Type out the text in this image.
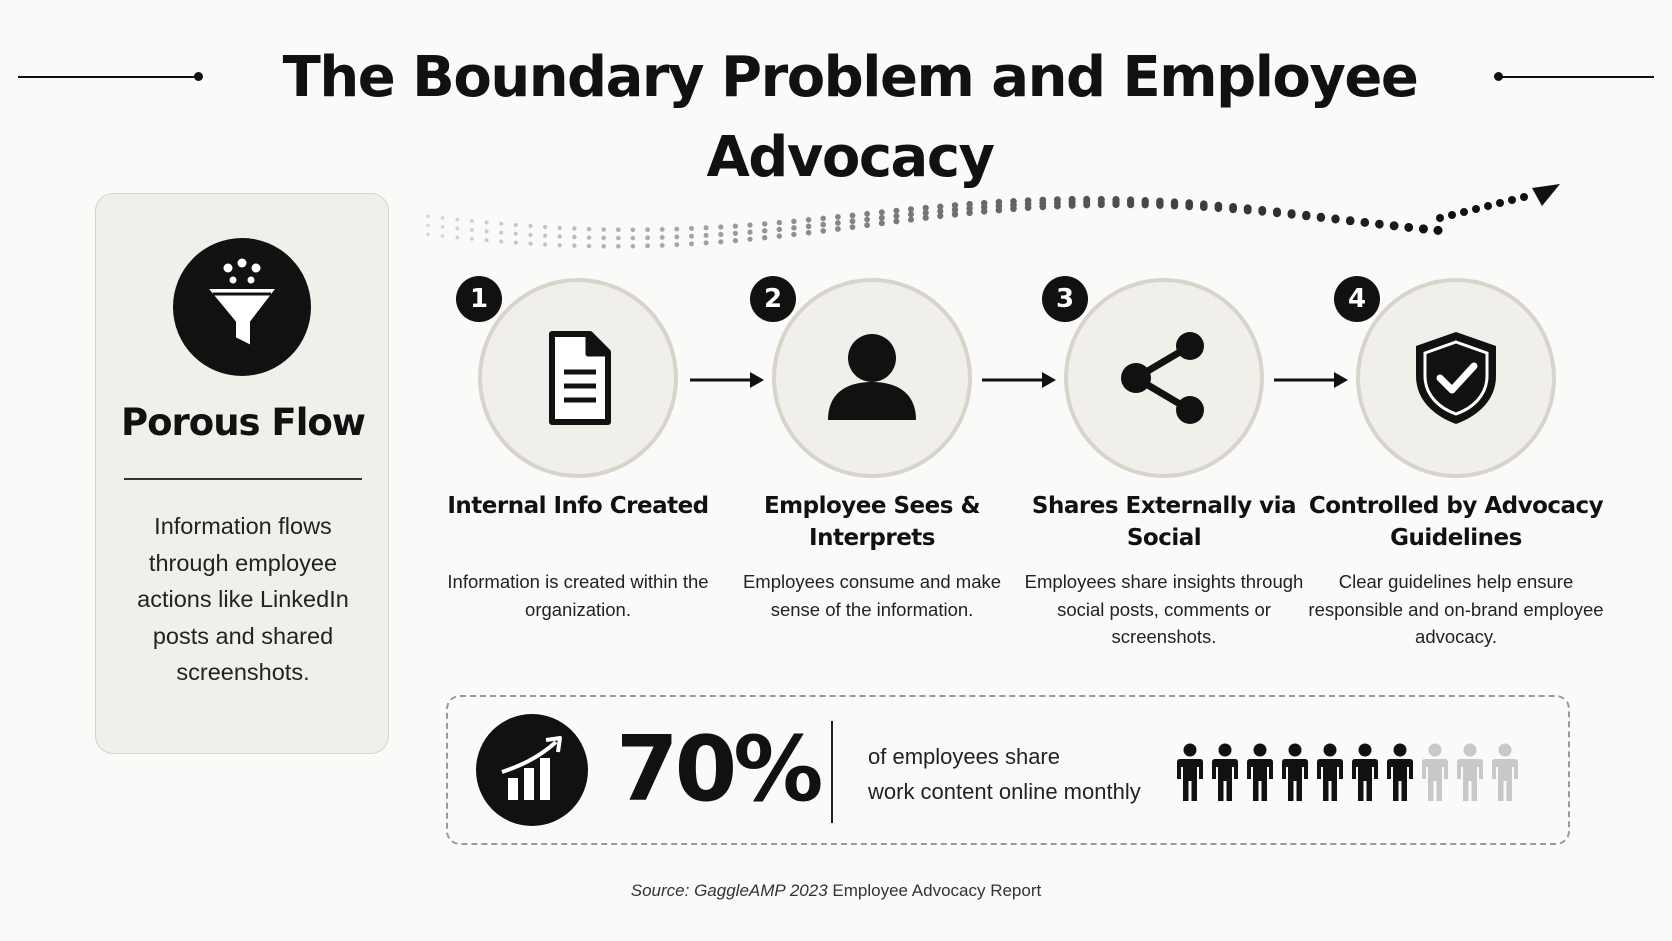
The Boundary Problem and Employee Advocacy
Porous Flow
Information flows through employee actions like LinkedIn posts and shared screenshots.
1
Internal Info Created
Information is created within the organization.
2
Employee Sees & Interprets
Employees consume and make sense of the information.
3
Shares Externally via Social
Employees share insights through social posts, comments or screenshots.
4
Controlled by Advocacy Guidelines
Clear guidelines help ensure responsible and on-brand employee advocacy.
70% of employees share
work content online monthly
Source: GaggleAMP 2023 Employee Advocacy Report
